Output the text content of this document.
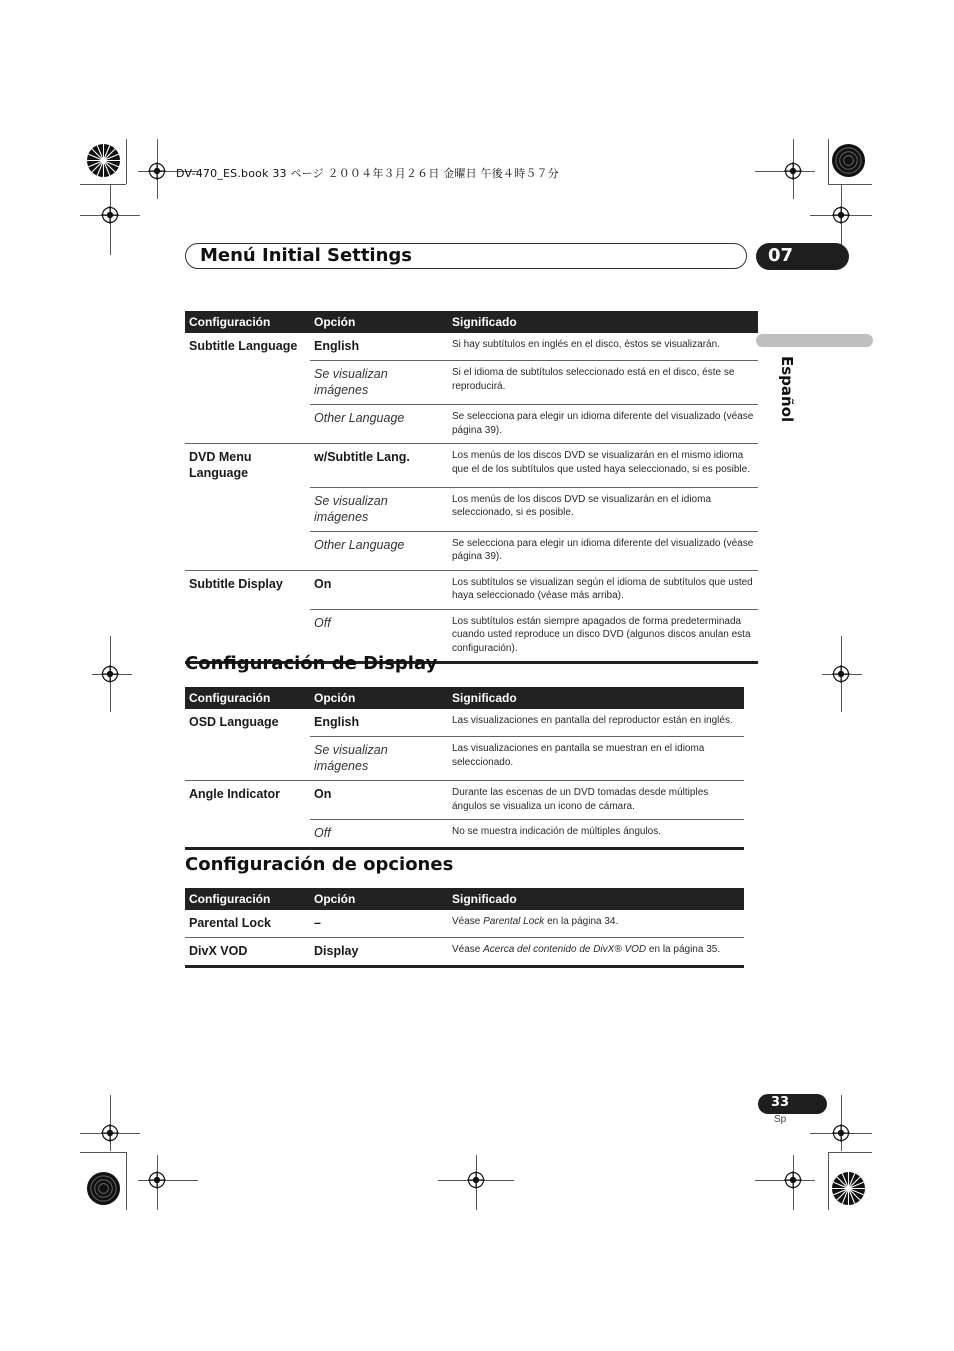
DV-470_ES.book 33 ページ ２００４年３月２６日 金曜日 午後４時５７分
Menú Initial Settings	07
Español
Configuración	Opción	Significado
Subtitle Language	English	Si hay subtítulos en inglés en el disco, éstos se visualizarán.
	Se visualizan imágenes	Si el idioma de subtítulos seleccionado está en el disco, éste se reproducirá.
	Other Language	Se selecciona para elegir un idioma diferente del visualizado (véase página 39).
DVD Menu Language	w/Subtitle Lang.	Los menús de los discos DVD se visualizarán en el mismo idioma que el de los subtítulos que usted haya seleccionado, si es posible.
	Se visualizan imágenes	Los menús de los discos DVD se visualizarán en el idioma seleccionado, si es posible.
	Other Language	Se selecciona para elegir un idioma diferente del visualizado (véase página 39).
Subtitle Display	On	Los subtítulos se visualizan según el idioma de subtítulos que usted haya seleccionado (véase más arriba).
	Off	Los subtítulos están siempre apagados de forma predeterminada cuando usted reproduce un disco DVD (algunos discos anulan esta configuración).
Configuración de Display
Configuración	Opción	Significado
OSD Language	English	Las visualizaciones en pantalla del reproductor están en inglés.
	Se visualizan imágenes	Las visualizaciones en pantalla se muestran en el idioma seleccionado.
Angle Indicator	On	Durante las escenas de un DVD tomadas desde múltiples ángulos se visualiza un icono de cámara.
	Off	No se muestra indicación de múltiples ángulos.
Configuración de opciones
Configuración	Opción	Significado
Parental Lock	–	Véase Parental Lock en la página 34.
DivX VOD	Display	Véase Acerca del contenido de DivX® VOD en la página 35.
33
Sp
